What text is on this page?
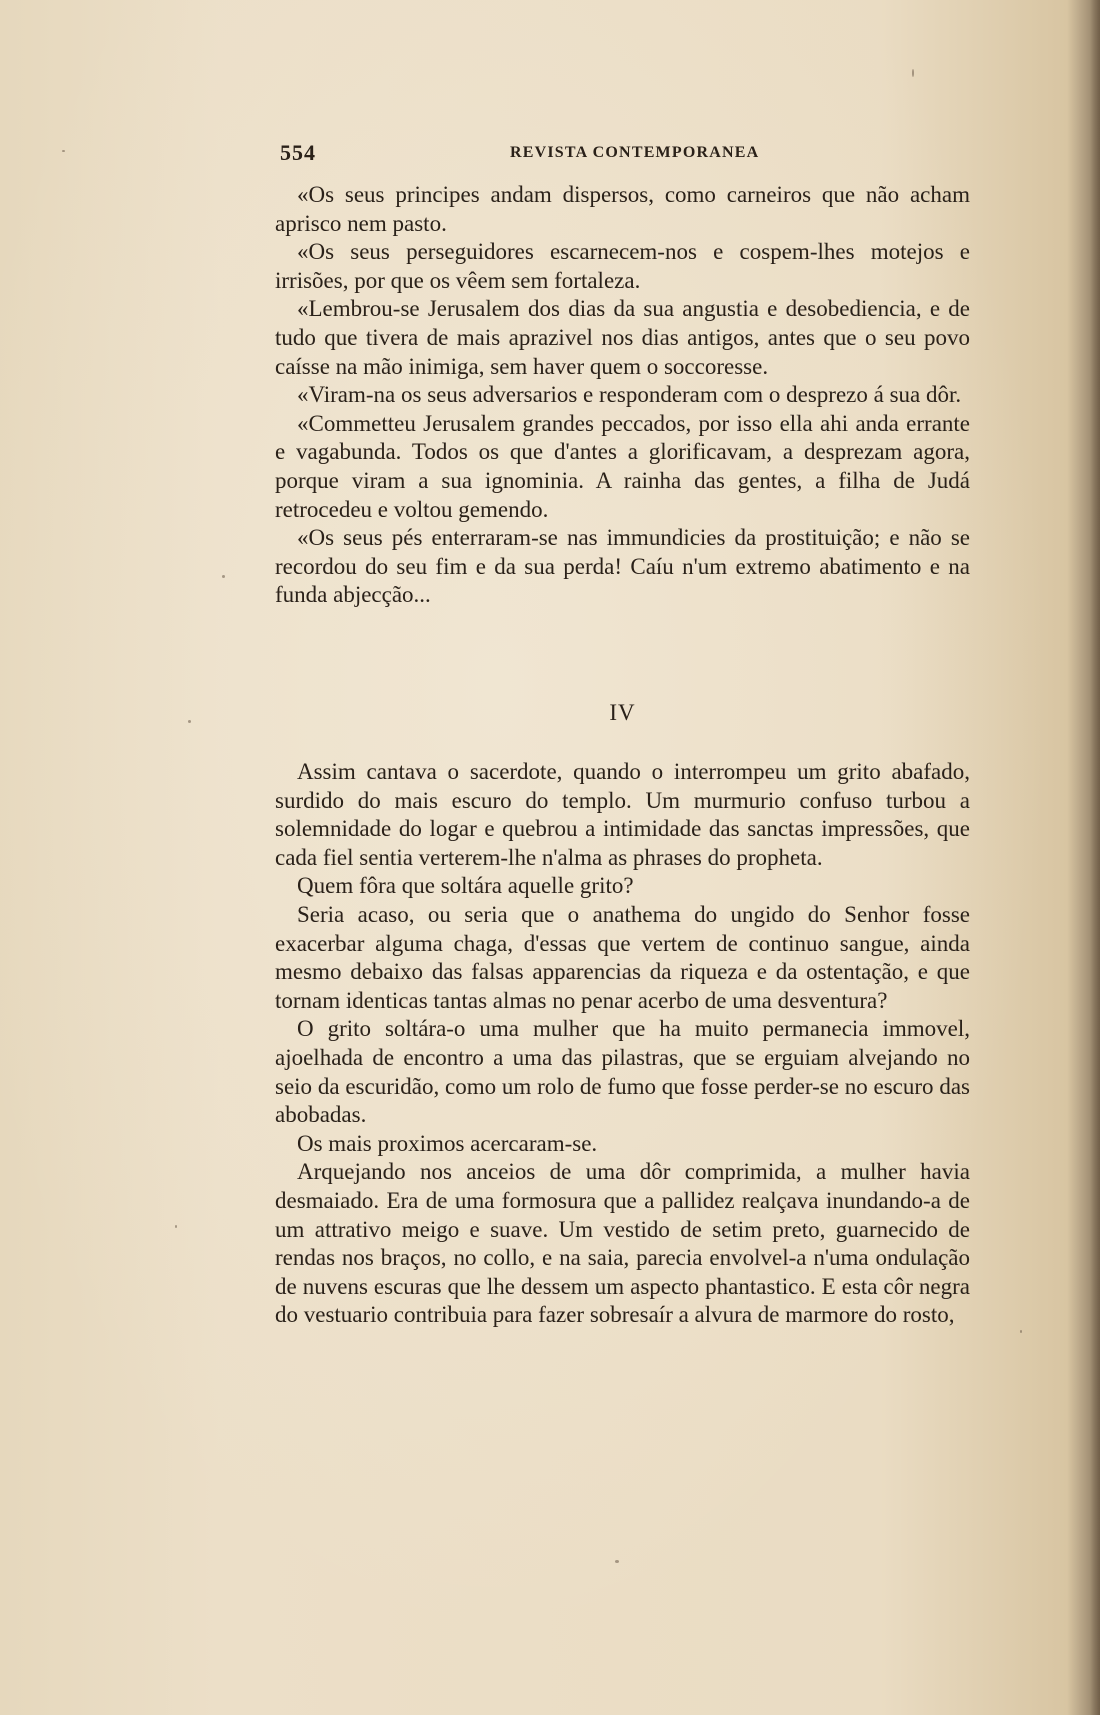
554	REVISTA CONTEMPORANEA

«Os seus principes andam dispersos, como carneiros que não acham aprisco nem pasto.

«Os seus perseguidores escarnecem-nos e cospem-lhes motejos e irrisões, por que os vêem sem fortaleza.

«Lembrou-se Jerusalem dos dias da sua angustia e desobediencia, e de tudo que tivera de mais aprazivel nos dias antigos, antes que o seu povo caísse na mão inimiga, sem haver quem o soccoresse.

«Viram-na os seus adversarios e responderam com o desprezo á sua dôr.

«Commetteu Jerusalem grandes peccados, por isso ella ahi anda errante e vagabunda. Todos os que d'antes a glorificavam, a desprezam agora, porque viram a sua ignominia. A rainha das gentes, a filha de Judá retrocedeu e voltou gemendo.

«Os seus pés enterraram-se nas immundicies da prostituição; e não se recordou do seu fim e da sua perda! Caíu n'um extremo abatimento e na funda abjecção...

IV

Assim cantava o sacerdote, quando o interrompeu um grito abafado, surdido do mais escuro do templo. Um murmurio confuso turbou a solemnidade do logar e quebrou a intimidade das sanctas impressões, que cada fiel sentia verterem-lhe n'alma as phrases do propheta.

Quem fôra que soltára aquelle grito?

Seria acaso, ou seria que o anathema do ungido do Senhor fosse exacerbar alguma chaga, d'essas que vertem de continuo sangue, ainda mesmo debaixo das falsas apparencias da riqueza e da ostentação, e que tornam identicas tantas almas no penar acerbo de uma desventura?

O grito soltára-o uma mulher que ha muito permanecia immovel, ajoelhada de encontro a uma das pilastras, que se erguiam alvejando no seio da escuridão, como um rolo de fumo que fosse perder-se no escuro das abobadas.

Os mais proximos acercaram-se.

Arquejando nos anceios de uma dôr comprimida, a mulher havia desmaiado. Era de uma formosura que a pallidez realçava inundando-a de um attrativo meigo e suave. Um vestido de setim preto, guarnecido de rendas nos braços, no collo, e na saia, parecia envolvel-a n'uma ondulação de nuvens escuras que lhe dessem um aspecto phantastico. E esta côr negra do vestuario contribuia para fazer sobresaír a alvura de marmore do rosto,
